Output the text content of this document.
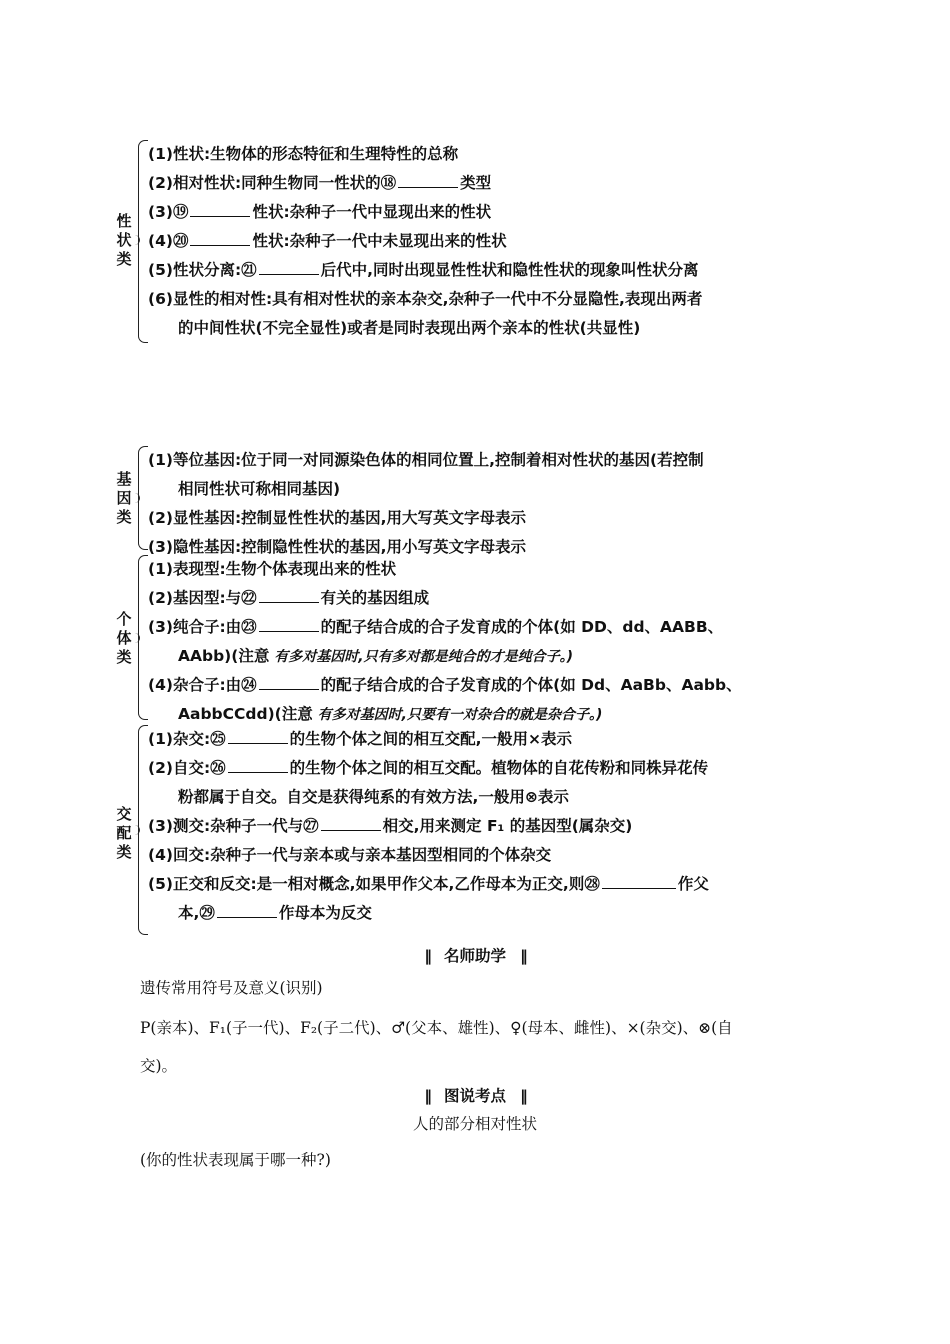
性状类
(1)性状:生物体的形态特征和生理特性的总称
(2)相对性状:同种生物同一性状的⑱	类型
(3)⑲	性状:杂种子一代中显现出来的性状
(4)⑳	性状:杂种子一代中未显现出来的性状
(5)性状分离:㉑	后代中,同时出现显性性状和隐性性状的现象叫性状分离
(6)显性的相对性:具有相对性状的亲本杂交,杂种子一代中不分显隐性,表现出两者
的中间性状(不完全显性)或者是同时表现出两个亲本的性状(共显性)
基因类
(1)等位基因:位于同一对同源染色体的相同位置上,控制着相对性状的基因(若控制
相同性状可称相同基因)
(2)显性基因:控制显性性状的基因,用大写英文字母表示
(3)隐性基因:控制隐性性状的基因,用小写英文字母表示
个体类
(1)表现型:生物个体表现出来的性状
(2)基因型:与㉒	有关的基因组成
(3)纯合子:由㉓	的配子结合成的合子发育成的个体(如 DD、dd、AABB、
AAbb)(注意 有多对基因时,只有多对都是纯合的才是纯合子。)
(4)杂合子:由㉔	的配子结合成的合子发育成的个体(如 Dd、AaBb、Aabb、
AabbCCdd)(注意 有多对基因时,只要有一对杂合的就是杂合子。)
交配类
(1)杂交:㉕	的生物个体之间的相互交配,一般用×表示
(2)自交:㉖	的生物个体之间的相互交配。植物体的自花传粉和同株异花传
粉都属于自交。自交是获得纯系的有效方法,一般用⊗表示
(3)测交:杂种子一代与㉗	相交,用来测定 F₁ 的基因型(属杂交)
(4)回交:杂种子一代与亲本或与亲本基因型相同的个体杂交
(5)正交和反交:是一相对概念,如果甲作父本,乙作母本为正交,则㉘	作父
本,㉙	作母本为反交
‖ 名师助学 ‖
遗传常用符号及意义(识别)
P(亲本)、F₁(子一代)、F₂(子二代)、♂(父本、雄性)、♀(母本、雌性)、×(杂交)、⊗(自
交)。
‖ 图说考点 ‖
人的部分相对性状
(你的性状表现属于哪一种?)
